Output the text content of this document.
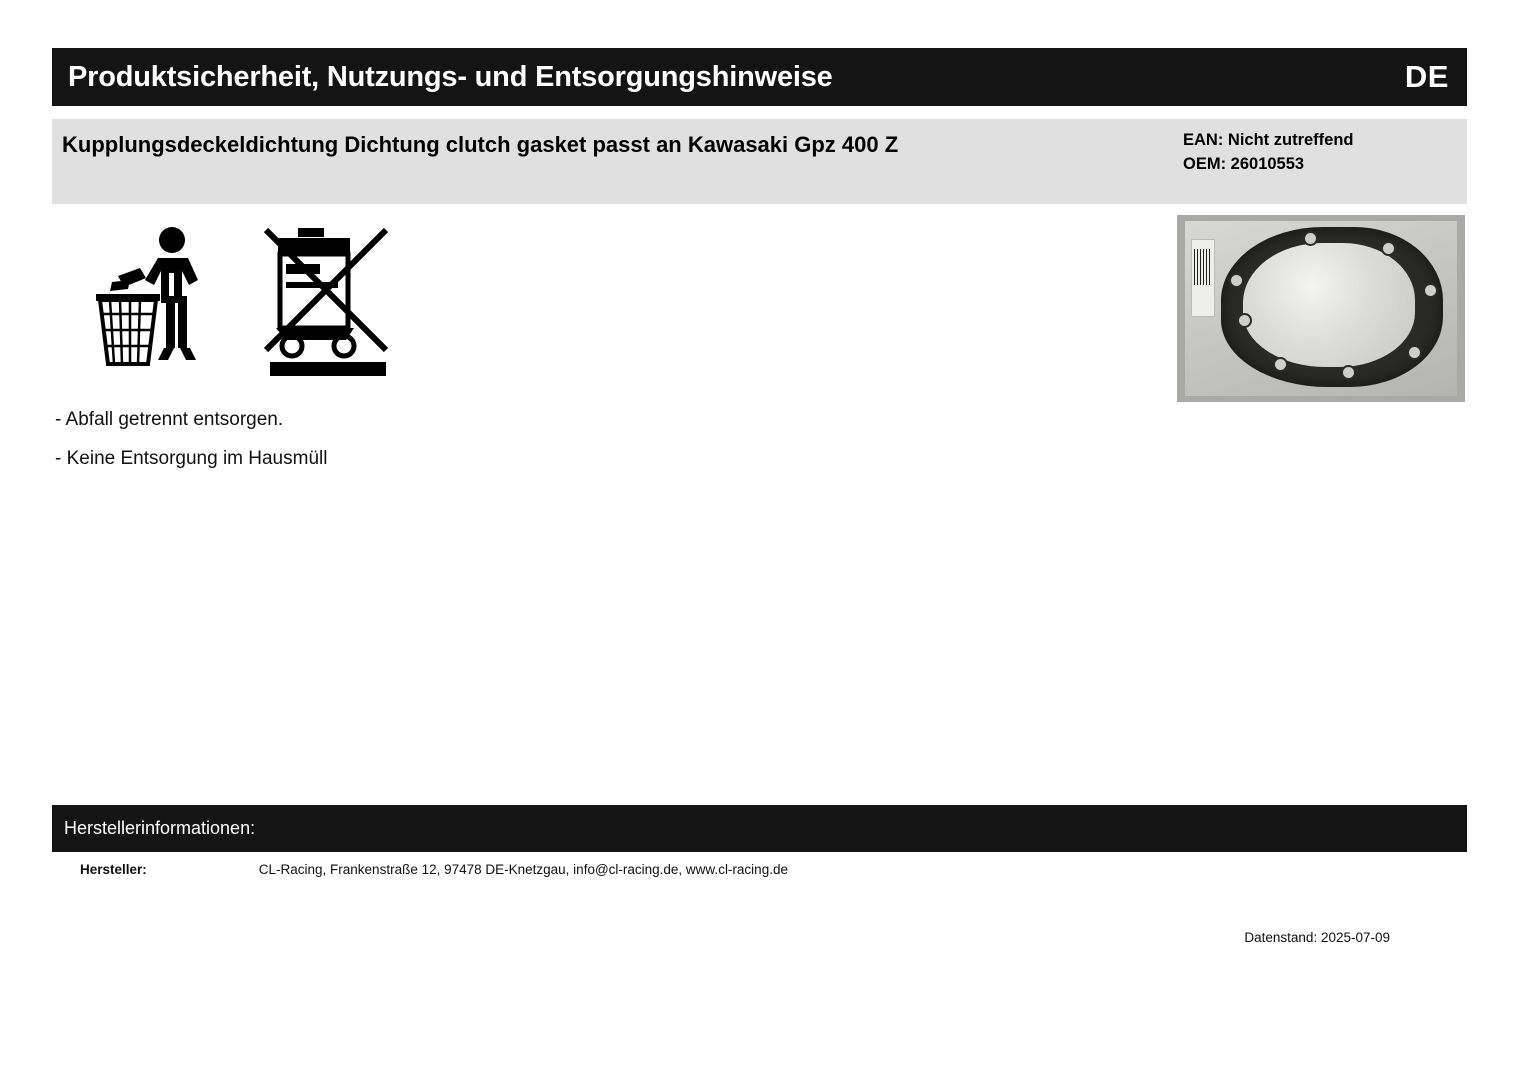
Produktsicherheit, Nutzungs- und Entsorgungshinweise	DE
Kupplungsdeckeldichtung Dichtung clutch gasket passt an Kawasaki Gpz 400 Z	EAN: Nicht zutreffend
OEM: 26010553
- Abfall getrennt entsorgen.
- Keine Entsorgung im Hausmüll
Herstellerinformationen:
Hersteller:	CL-Racing, Frankenstraße 12, 97478 DE-Knetzgau, info@cl-racing.de, www.cl-racing.de
Datenstand: 2025-07-09
